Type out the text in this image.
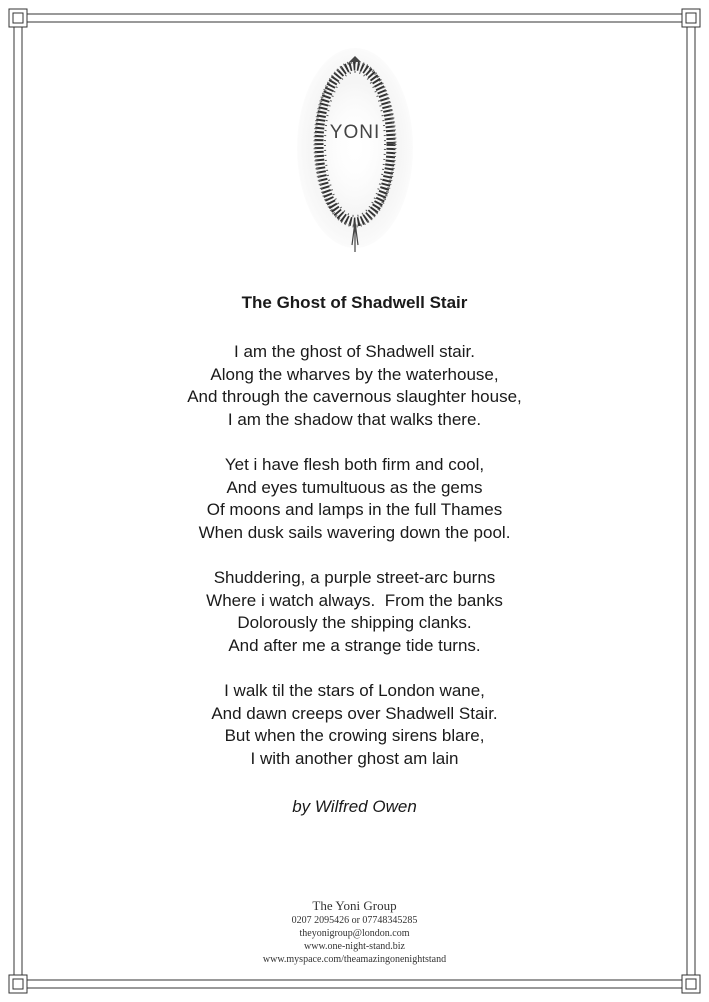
YONI
The Ghost of Shadwell Stair
I am the ghost of Shadwell stair.
Along the wharves by the waterhouse,
And through the cavernous slaughter house,
I am the shadow that walks there.
Yet i have flesh both firm and cool,
And eyes tumultuous as the gems
Of moons and lamps in the full Thames
When dusk sails wavering down the pool.
Shuddering, a purple street-arc burns
Where i watch always.  From the banks
Dolorously the shipping clanks.
And after me a strange tide turns.
I walk til the stars of London wane,
And dawn creeps over Shadwell Stair.
But when the crowing sirens blare,
I with another ghost am lain
by Wilfred Owen
The Yoni Group
0207 2095426 or 07748345285
theyonigroup@london.com
www.one-night-stand.biz
www.myspace.com/theamazingonenightstand
